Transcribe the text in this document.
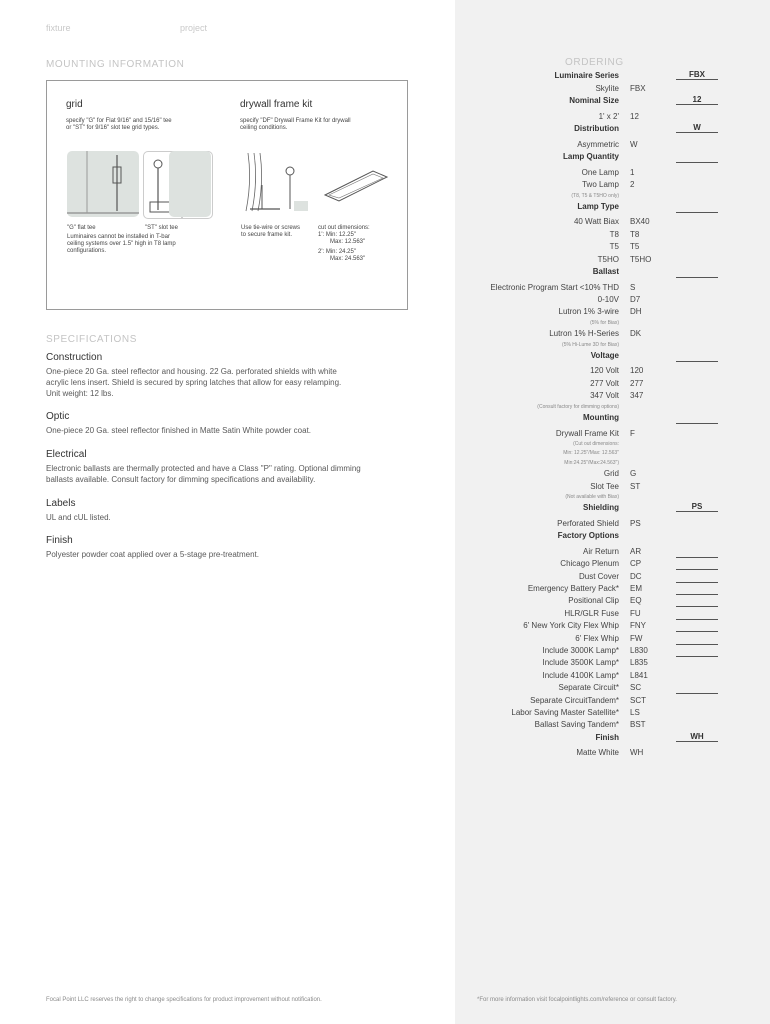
fixture	project
MOUNTING INFORMATION
grid
specify "G" for Flat 9/16" and 15/16" tee
or "ST" for 9/16" slot tee grid types.
drywall frame kit
specify "DF" Drywall Frame Kit for drywall
ceiling conditions.
"G" flat tee	"ST" slot tee
Luminaires cannot be installed in T-bar
ceiling systems over 1.5" high in T8 lamp
configurations.
Use tie-wire or screws
to secure frame kit.
cut out dimensions:
1': Min: 12.25"
Max: 12.563"
2': Min: 24.25"
Max: 24.563"
SPECIFICATIONS
Construction
One-piece 20 Ga. steel reflector and housing. 22 Ga. perforated shields with white
acrylic lens insert. Shield is secured by spring latches that allow for easy relamping.
Unit weight: 12 lbs.
Optic
One-piece 20 Ga. steel reflector finished in Matte Satin White powder coat.
Electrical
Electronic ballasts are thermally protected and have a Class "P" rating. Optional dimming
ballasts available. Consult factory for dimming specifications and availability.
Labels
UL and cUL listed.
Finish
Polyester powder coat applied over a 5-stage pre-treatment.
ORDERING
Luminaire Series	FBX
Skylite FBX
Nominal Size	12
1' x 2' 12
Distribution	W
Asymmetric W
Lamp Quantity
One Lamp 1
Two Lamp 2
(T8, T5 & T5HO only)
Lamp Type
40 Watt Biax BX40
T8 T8
T5 T5
T5HO T5HO
Ballast
Electronic Program Start <10% THD S
0-10V D7
Lutron 1% 3-wire DH
(5% for Biax)
Lutron 1% H-Series DK
(5% Hi-Lume 3D for Biax)
Voltage
120 Volt 120
277 Volt 277
347 Volt 347
(Consult factory for dimming options)
Mounting
Drywall Frame Kit F
(Cut out dimensions:
Min: 12.25"/Max: 12.563"
Min:24.25"/Max:24.563")
Grid G
Slot Tee ST
(Not available with Biax)
Shielding	PS
Perforated Shield PS
Factory Options
Air Return AR
Chicago Plenum CP
Dust Cover DC
Emergency Battery Pack* EM
Positional Clip EQ
HLR/GLR Fuse FU
6' New York City Flex Whip FNY
6' Flex Whip FW
Include 3000K Lamp* L830
Include 3500K Lamp* L835
Include 4100K Lamp* L841
Separate Circuit* SC
Separate CircuitTandem* SCT
Labor Saving Master Satellite* LS
Ballast Saving Tandem* BST
Finish	WH
Matte White WH
Focal Point LLC reserves the right to change specifications for product improvement without notification.	*For more information visit focalpointlights.com/reference or consult factory.
